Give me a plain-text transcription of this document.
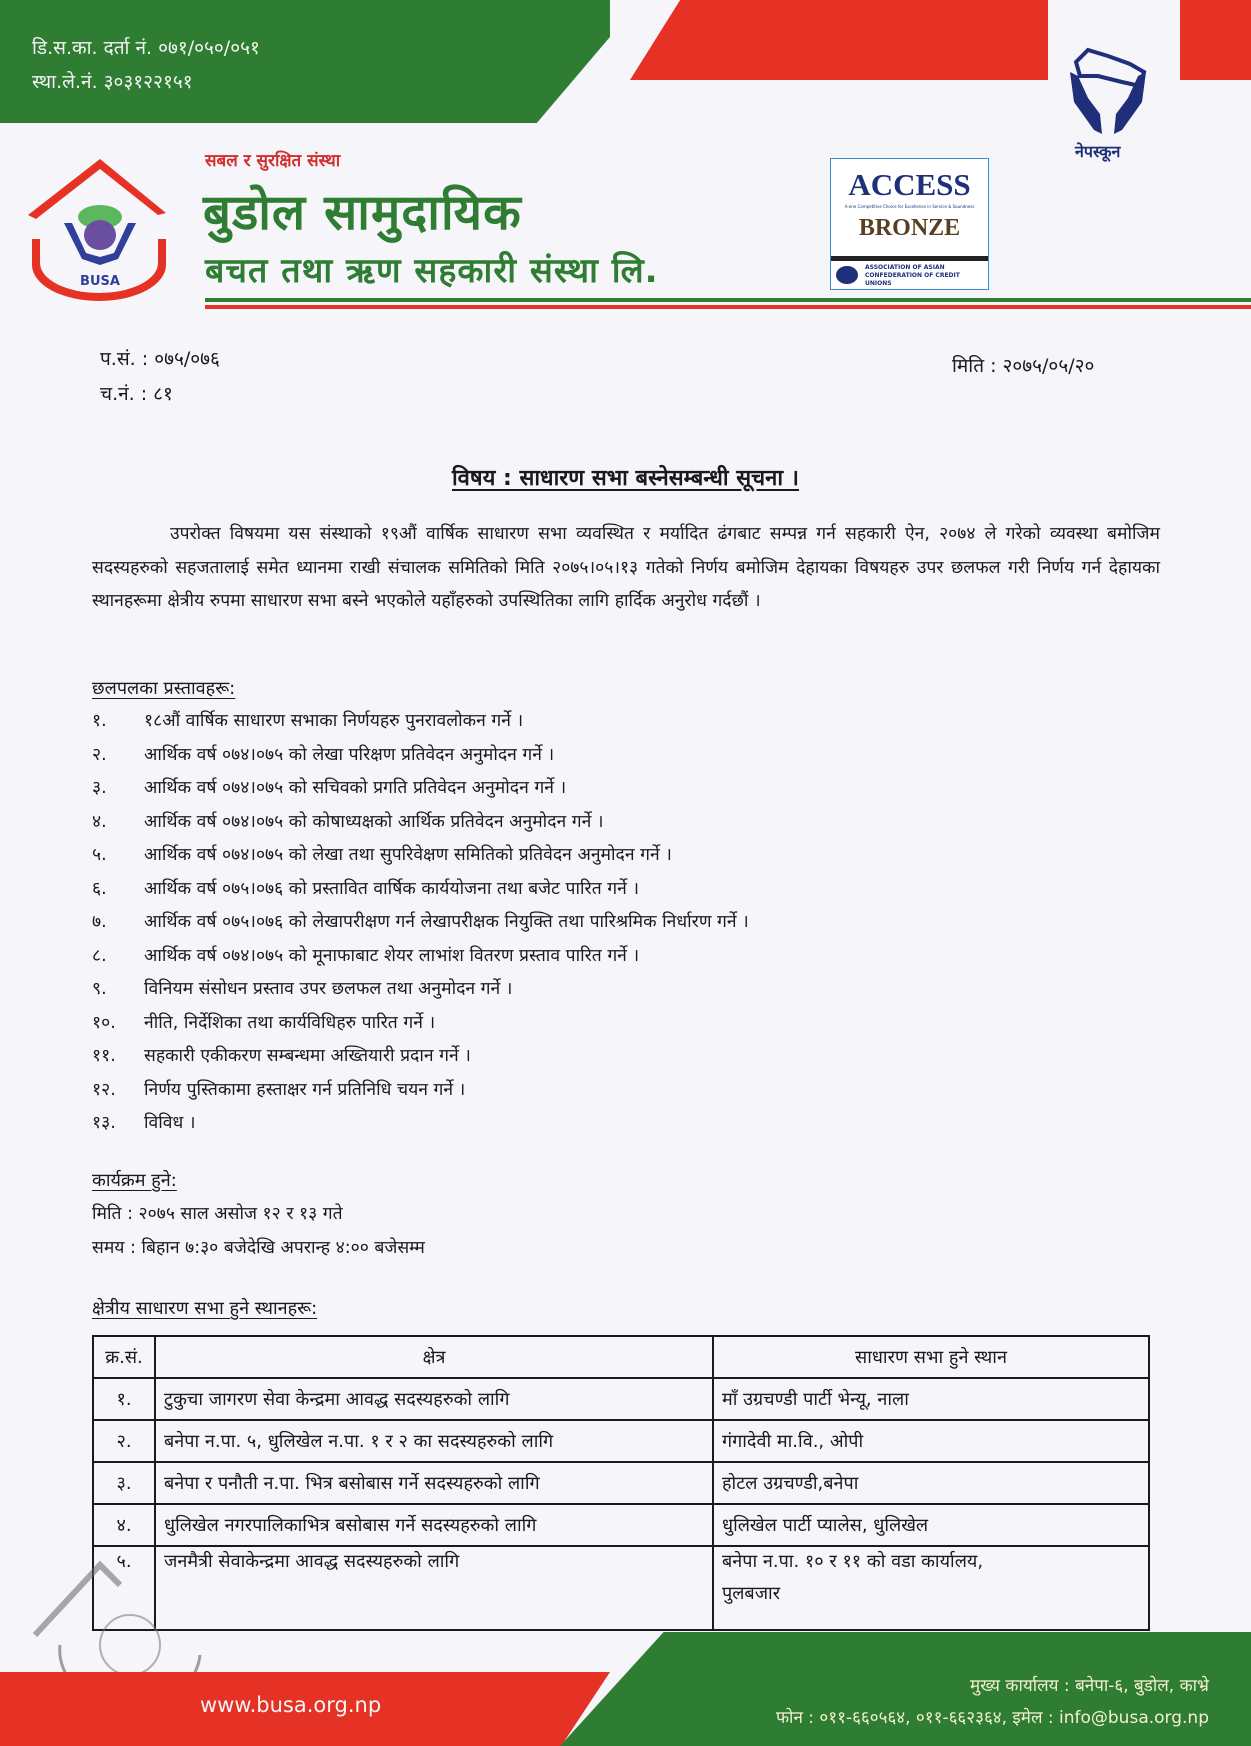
डि.स.का. दर्ता नं. ०७१/०५०/०५१
स्था.ले.नं. ३०३१२२१५१
BUSA
सबल र सुरक्षित संस्था
बुडोल सामुदायिक
बचत तथा ऋण सहकारी संस्था लि.
ACCESS
A-one Competitive Choice for Excellence in Service & Soundness
BRONZE
ASSOCIATION OF ASIAN CONFEDERATION OF CREDIT UNIONS
नेपस्कून
प.सं. : ०७५/०७६
च.नं. : ८१
मिति : २०७५/०५/२०
विषय : साधारण सभा बस्नेसम्बन्धी सूचना ।
उपरोक्त विषयमा यस संस्थाको १९औं वार्षिक साधारण सभा व्यवस्थित र मर्यादित ढंगबाट सम्पन्न गर्न सहकारी ऐन, २०७४ ले गरेको व्यवस्था बमोजिम सदस्यहरुको सहजतालाई समेत ध्यानमा राखी संचालक समितिको मिति २०७५।०५।१३ गतेको निर्णय बमोजिम देहायका विषयहरु उपर छलफल गरी निर्णय गर्न देहायका स्थानहरूमा क्षेत्रीय रुपमा साधारण सभा बस्ने भएकोले यहाँहरुको उपस्थितिका लागि हार्दिक अनुरोध गर्दछौं ।
छलपलका प्रस्तावहरू:
१.	१८औं वार्षिक साधारण सभाका निर्णयहरु पुनरावलोकन गर्ने ।
२.	आर्थिक वर्ष ०७४।०७५ को लेखा परिक्षण प्रतिवेदन अनुमोदन गर्ने ।
३.	आर्थिक वर्ष ०७४।०७५ को सचिवको प्रगति प्रतिवेदन अनुमोदन गर्ने ।
४.	आर्थिक वर्ष ०७४।०७५ को कोषाध्यक्षको आर्थिक प्रतिवेदन अनुमोदन गर्ने ।
५.	आर्थिक वर्ष ०७४।०७५ को लेखा तथा सुपरिवेक्षण समितिको प्रतिवेदन अनुमोदन गर्ने ।
६.	आर्थिक वर्ष ०७५।०७६ को प्रस्तावित वार्षिक कार्ययोजना तथा बजेट पारित गर्ने ।
७.	आर्थिक वर्ष ०७५।०७६ को लेखापरीक्षण गर्न लेखापरीक्षक नियुक्ति तथा पारिश्रमिक निर्धारण गर्ने ।
८.	आर्थिक वर्ष ०७४।०७५ को मूनाफाबाट शेयर लाभांश वितरण प्रस्ताव पारित गर्ने ।
९.	विनियम संसोधन प्रस्ताव उपर छलफल तथा अनुमोदन गर्ने ।
१०.	नीति, निर्देशिका तथा कार्यविधिहरु पारित गर्ने ।
११.	सहकारी एकीकरण सम्बन्धमा अख्तियारी प्रदान गर्ने ।
१२.	निर्णय पुस्तिकामा हस्ताक्षर गर्न प्रतिनिधि चयन गर्ने ।
१३.	विविध ।
कार्यक्रम हुने:
मिति : २०७५ साल असोज १२ र १३ गते
समय : बिहान ७:३० बजेदेखि अपरान्ह ४:०० बजेसम्म
क्षेत्रीय साधारण सभा हुने स्थानहरू:
क्र.सं.	क्षेत्र	साधारण सभा हुने स्थान
१.	टुकुचा जागरण सेवा केन्द्रमा आवद्ध सदस्यहरुको लागि	माँ उग्रचण्डी पार्टी भेन्यू, नाला
२.	बनेपा न.पा. ५, धुलिखेल न.पा. १ र २ का सदस्यहरुको लागि	गंगादेवी मा.वि., ओपी
३.	बनेपा र पनौती न.पा. भित्र बसोबास गर्ने सदस्यहरुको लागि	होटल उग्रचण्डी,बनेपा
४.	धुलिखेल नगरपालिकाभित्र बसोबास गर्ने सदस्यहरुको लागि	धुलिखेल पार्टी प्यालेस, धुलिखेल
५.	जनमैत्री सेवाकेन्द्रमा आवद्ध सदस्यहरुको लागि	बनेपा न.पा. १० र ११ को वडा कार्यालय,
पुलबजार
www.busa.org.np
मुख्य कार्यालय : बनेपा-६, बुडोल, काभ्रे
फोन : ०११-६६०५६४, ०११-६६२३६४, इमेल : info@busa.org.np
